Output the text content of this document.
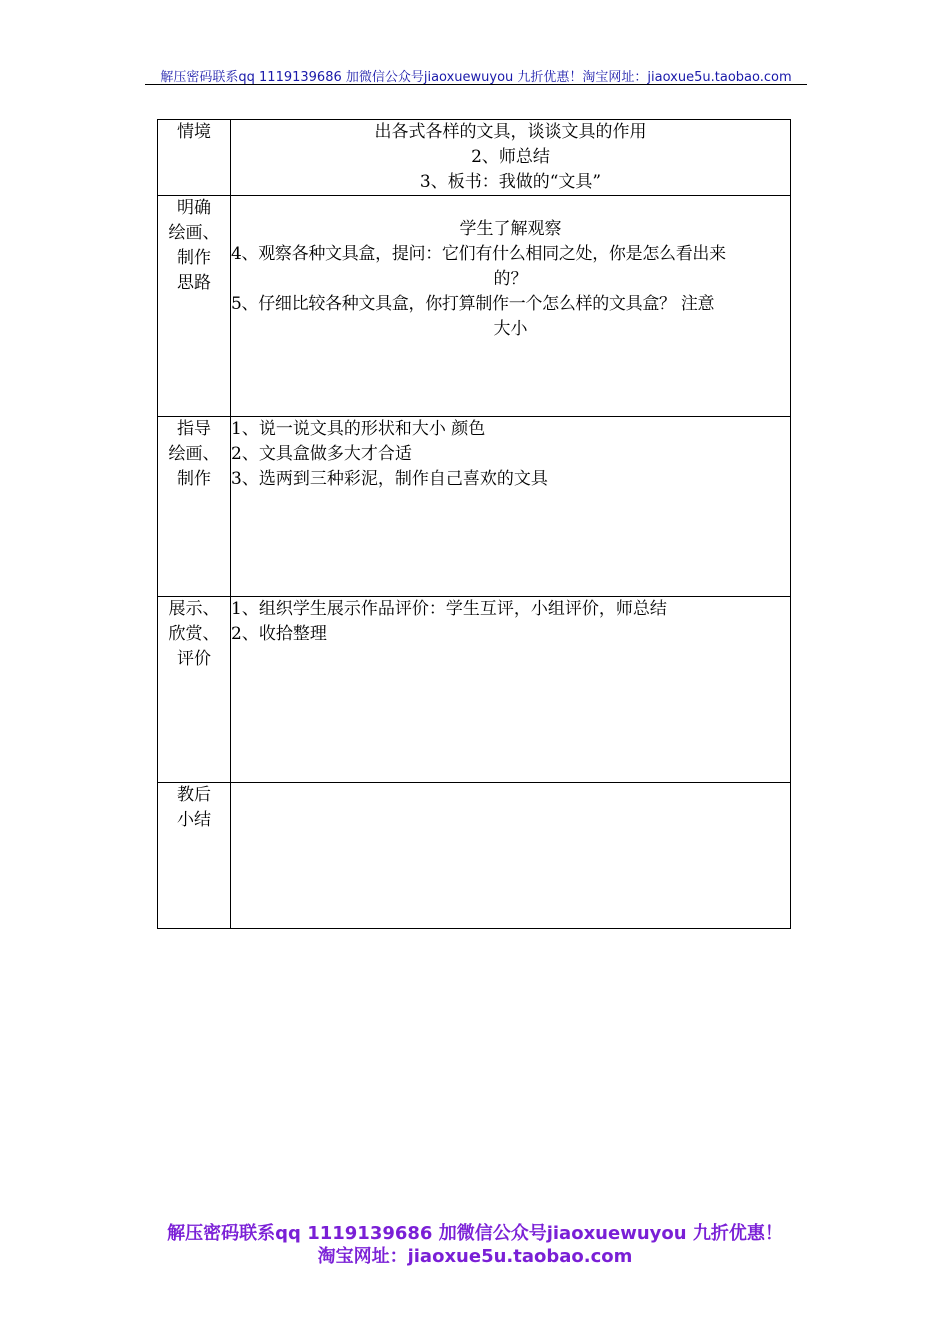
解压密码联系qq 1119139686 加微信公众号jiaoxuewuyou 九折优惠！淘宝网址：jiaoxue5u.taobao.com
情境	出各式各样的文具，谈谈文具的作用
2、师总结
3、板书：我做的“文具”

明确
绘画、
制作
思路	学生了解观察
4、观察各种文具盒，提问：它们有什么相同之处，你是怎么看出来
的？
5、仔细比较各种文具盒，你打算制作一个怎么样的文具盒？ 注意
大小

指导
绘画、
制作	1、说一说文具的形状和大小 颜色
2、文具盒做多大才合适
3、选两到三种彩泥，制作自己喜欢的文具

展示、
欣赏、
评价	1、组织学生展示作品评价：学生互评，小组评价，师总结
2、收拾整理

教后
小结	

解压密码联系qq 1119139686 加微信公众号jiaoxuewuyou 九折优惠！
淘宝网址：jiaoxue5u.taobao.com
